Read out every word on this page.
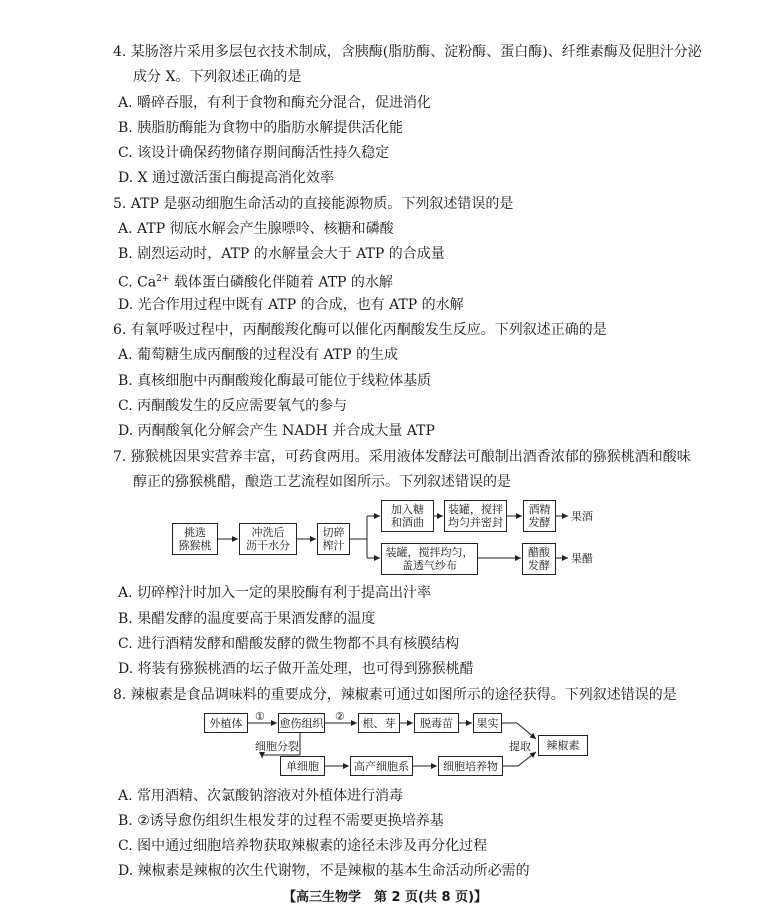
4. 某肠溶片采用多层包衣技术制成，含胰酶(脂肪酶、淀粉酶、蛋白酶)、纤维素酶及促胆汁分泌
成分 X。下列叙述正确的是
A. 嚼碎吞服，有利于食物和酶充分混合，促进消化
B. 胰脂肪酶能为食物中的脂肪水解提供活化能
C. 该设计确保药物储存期间酶活性持久稳定
D. X 通过激活蛋白酶提高消化效率
5. ATP 是驱动细胞生命活动的直接能源物质。下列叙述错误的是
A. ATP 彻底水解会产生腺嘌呤、核糖和磷酸
B. 剧烈运动时，ATP 的水解量会大于 ATP 的合成量
C. $Ca^{2+}$ 载体蛋白磷酸化伴随着 ATP 的水解
D. 光合作用过程中既有 ATP 的合成，也有 ATP 的水解
6. 有氧呼吸过程中，丙酮酸羧化酶可以催化丙酮酸发生反应。下列叙述正确的是
A. 葡萄糖生成丙酮酸的过程没有 ATP 的生成
B. 真核细胞中丙酮酸羧化酶最可能位于线粒体基质
C. 丙酮酸发生的反应需要氧气的参与
D. 丙酮酸氧化分解会产生 NADH 并合成大量 ATP
7. 猕猴桃因果实营养丰富，可药食两用。采用液体发酵法可酿制出酒香浓郁的猕猴桃酒和酸味
醇正的猕猴桃醋，酿造工艺流程如图所示。下列叙述错误的是
挑选
猕猴桃
冲洗后
沥干水分
切碎
榨汁
加入糖
和酒曲
装罐，搅拌
均匀并密封
酒精
发酵
装罐，搅拌均匀，
盖透气纱布
醋酸
发酵
果酒
果醋
A. 切碎榨汁时加入一定的果胶酶有利于提高出汁率
B. 果醋发酵的温度要高于果酒发酵的温度
C. 进行酒精发酵和醋酸发酵的微生物都不具有核膜结构
D. 将装有猕猴桃酒的坛子做开盖处理，也可得到猕猴桃醋
8. 辣椒素是食品调味料的重要成分，辣椒素可通过如图所示的途径获得。下列叙述错误的是
外植体	愈伤组织	根、芽	脱毒苗	果实
辣椒素
单细胞	高产细胞系	细胞培养物
①	②
细胞分裂	提取
A. 常用酒精、次氯酸钠溶液对外植体进行消毒
B. ②诱导愈伤组织生根发芽的过程不需要更换培养基
C. 图中通过细胞培养物获取辣椒素的途径未涉及再分化过程
D. 辣椒素是辣椒的次生代谢物，不是辣椒的基本生命活动所必需的
【高三生物学　第 2 页(共 8 页)】
